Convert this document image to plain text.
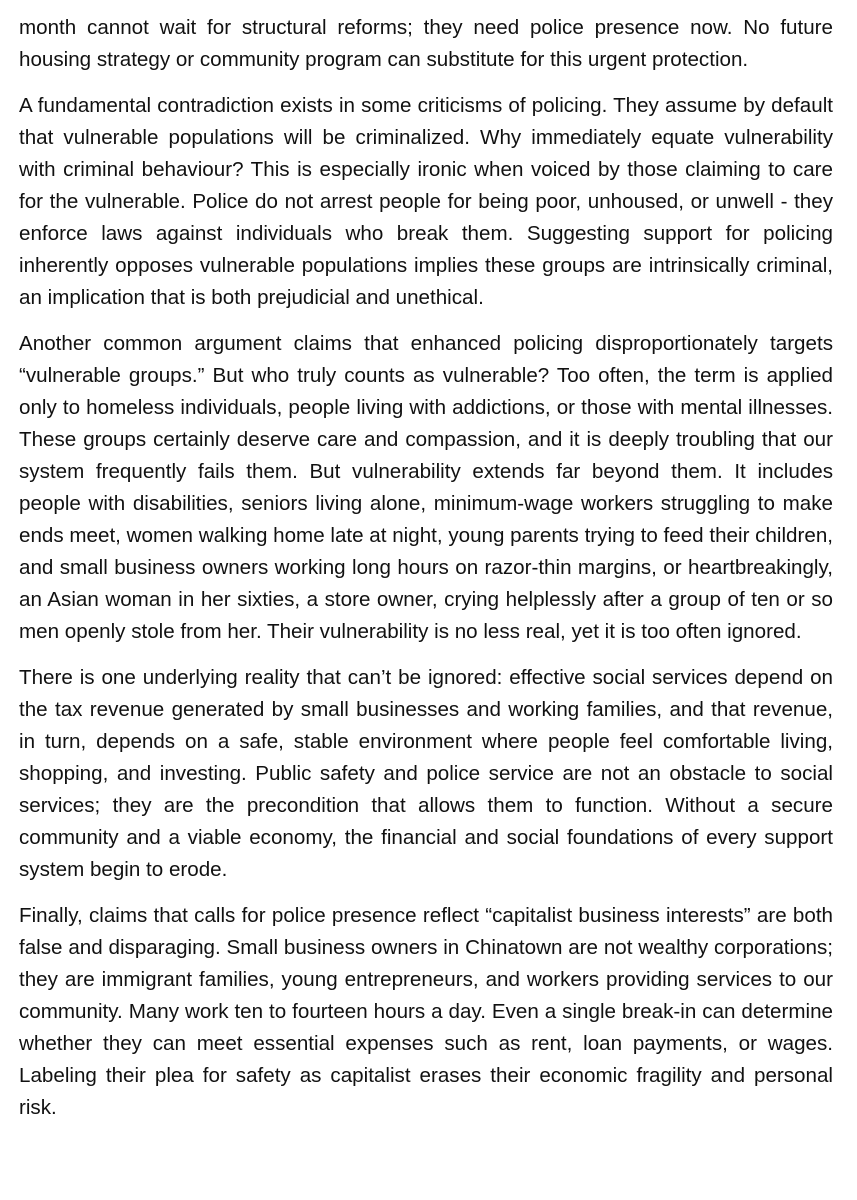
month cannot wait for structural reforms; they need police presence now. No future housing strategy or community program can substitute for this urgent protection.

A fundamental contradiction exists in some criticisms of policing. They assume by default that vulnerable populations will be criminalized. Why immediately equate vulnerability with criminal behaviour? This is especially ironic when voiced by those claiming to care for the vulnerable. Police do not arrest people for being poor, unhoused, or unwell - they enforce laws against individuals who break them. Suggesting support for policing inherently opposes vulnerable populations implies these groups are intrinsically criminal, an implication that is both prejudicial and unethical.

Another common argument claims that enhanced policing disproportionately targets “vulnerable groups.” But who truly counts as vulnerable? Too often, the term is applied only to homeless individuals, people living with addictions, or those with mental illnesses. These groups certainly deserve care and compassion, and it is deeply troubling that our system frequently fails them. But vulnerability extends far beyond them. It includes people with disabilities, seniors living alone, minimum-wage workers struggling to make ends meet, women walking home late at night, young parents trying to feed their children, and small business owners working long hours on razor-thin margins, or heartbreakingly, an Asian woman in her sixties, a store owner, crying helplessly after a group of ten or so men openly stole from her. Their vulnerability is no less real, yet it is too often ignored.

There is one underlying reality that can’t be ignored: effective social services depend on the tax revenue generated by small businesses and working families, and that revenue, in turn, depends on a safe, stable environment where people feel comfortable living, shopping, and investing. Public safety and police service are not an obstacle to social services; they are the precondition that allows them to function. Without a secure community and a viable economy, the financial and social foundations of every support system begin to erode.

Finally, claims that calls for police presence reflect “capitalist business interests” are both false and disparaging. Small business owners in Chinatown are not wealthy corporations; they are immigrant families, young entrepreneurs, and workers providing services to our community. Many work ten to fourteen hours a day. Even a single break-in can determine whether they can meet essential expenses such as rent, loan payments, or wages. Labeling their plea for safety as capitalist erases their economic fragility and personal risk.
